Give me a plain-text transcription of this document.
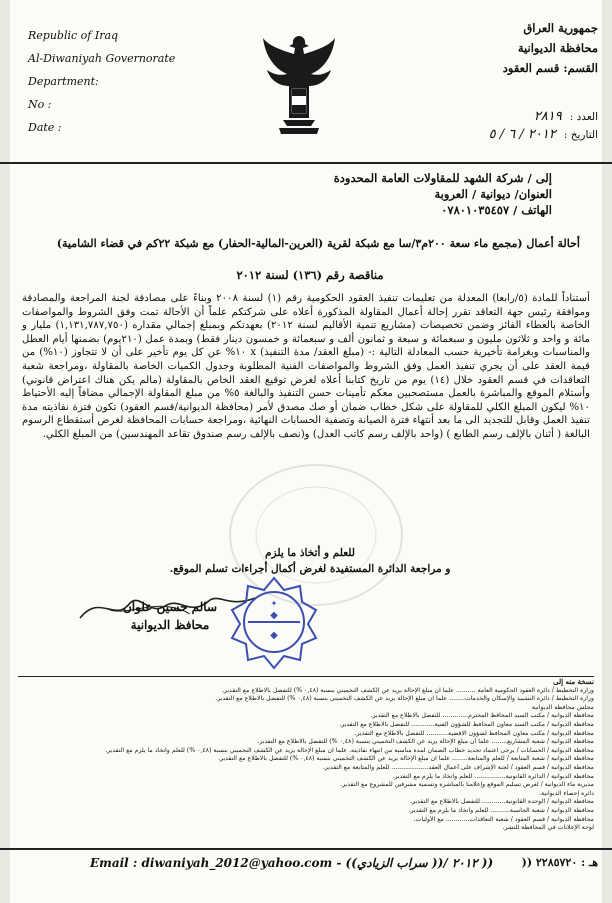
Republic of Iraq
Al-Diwaniyah Governorate
Department:
No :
Date :
جمهورية العراق
محافظة الديوانية
القسم: قسم العقود
العدد :
٢٨١٩
التاريخ :
٢٠١٢ / ٦ / ٥
إلى / شركة الشهد للمقاولات العامة المحدودة
العنوان/ ديوانية / العروبة
الهاتف / ٠٧٨٠١٠٣٥٤٥٧
أحالة أعمال (مجمع ماء سعة ٢٠٠م٣/سا مع شبكة لقرية (العرين-المالية-الحفار) مع شبكة ٢٢كم في قضاء الشامية)
مناقصة رقم (١٣٦) لسنة ٢٠١٢
أستناداً للمادة (٥/رابعا) المعدلة من تعليمات تنفيذ العقود الحكومية رقم (١) لسنة ٢٠٠٨ وبناءً على مصادقة لجنة المراجعة والمصادقة وموافقة رئيس جهة التعاقد تقرر إحالة أعمال المقاولة المذكورة أعلاه على شركتكم علماً أن الأحالة تمت وفق الشروط والمواصفات الخاصة بالعطاء الفائز وضمن تخصيصات (مشاريع تنمية الأقاليم لسنة ٢٠١٢) بعهدتكم وبمبلغ إجمالي مقداره (١,١٣١,٧٨٧,٧٥٠) مليار و مائة و واحد و ثلاثون مليون و سبعمائة و سبعة و ثمانون ألف و سبعمائة و خمسون دينار فقط) وبمدة عمل (٢١٠يوم) بضمنها أيام العطل والمناسبات وبغرامة تأخيرية حسب المعادلة التالية :- (مبلغ العقد/ مدة التنفيذ) x ١٠% عن كل يوم تأخير على أن لا تتجاوز (١٠%) من قيمة العقد على أن يجري تنفيذ العمل وفق الشروط والمواصفات الفنية المطلوبة وجدول الكميات الخاصة بالمقاولة ،ومراجعة شعبة التعاقدات في قسم العقود خلال (١٤) يوم من تاريخ كتابنا أعلاه لغرض توقيع العقد الخاص بالمقاولة (مالم يكن هناك اعتراض قانوني) وأستلام الموقع والمباشرة بالعمل مستصحبين معكم تأمينات حسن التنفيذ والبالغة ٥% من مبلغ المقاولة الإجمالي مضافاً إليه الأحتياط ١٠% ليكون المبلغ الكلي للمقاولة على شكل خطاب ضمان أو صك مصدق لأمر (محافظة الديوانية/قسم العقود) تكون فترة نفاذيته مدة تنفيذ العمل وقابل للتجديد الى ما بعد أنتهاء فترة الصيانة وتصفية الحسابات النهائية ،ومراجعة حسابات المحافظة لغرض أستقطاع الرسوم البالغة ( أثنان بالإلف رسم الطابع ) (واحد بالإلف رسم كاتب العدل) و(نصف بالإلف رسم صندوق تقاعد المهندسين) من المبلغ الكلي.
للعلم و أتخاذ ما يلزم
و مراجعة الدائرة المستفيدة لغرض أكمال أجراءات تسلم الموقع.
سالم حسين علوان
محافظ الديوانية
✦
◆
◆
نسخة منه إلى
وزارة التخطيط / دائرة العقود الحكومية العامة .......... علما ان مبلغ الإحالة يزيد عن الكشف التخميني بنسبة (٠,٤٨ %) للتفضل بالاطلاع مع التقدير.
وزارة التخطيط / دائرة التشييد والإسكان والخدمات........ علما ان مبلغ الإحالة يزيد عن الكشف التخميني بنسبة (٠,٤٨ %) للتفضل بالاطلاع مع التقدير.
مجلس محافظة الديوانية
محافظة الديوانية / مكتب السيد المحافظ المحترم............. للتفضل بالاطلاع مع التقدير.
محافظة الديوانية / مكتب السيد معاون المحافظ للشؤون الفنية............ للتفضل بالاطلاع مع التقدير.
محافظة الديوانية / مكتب معاون المحافظ لشؤون الاقضية........... للتفضل بالاطلاع مع التقدير.
محافظة الديوانية / شعبة المشاريع........ علما ان مبلغ الإحالة يزيد عن الكشف التخميني بنسبة (٠,٤٨ %) للتفضل بالاطلاع مع التقدير.
محافظة الديوانية / الحسابات / يرجى اعتماد تجديد خطاب الضمان لمدة مناسبة من انتهاء نفاذيته. علما ان مبلغ الإحالة يزيد عن الكشف التخميني بنسبة (٠,٤٨ %) للعلم واتخاذ ما يلزم مع التقدير.
محافظة الديوانية / شعبة المتابعة / للعلم والمتابعة........ علما ان مبلغ الإحالة يزيد عن الكشف التخميني بنسبة (٠,٤٨ %) للتفضل بالاطلاع مع التقدير.
محافظة الديوانية / قسم العقود / لجنة الإشراف على أعمال العقد................... للعلم والمتابعة مع التقدير.
محافظة الديوانية / الدائرة القانونية................ للعلم واتخاذ ما يلزم مع التقدير.
مديرية ماء الديوانية / لغرض تسليم الموقع وإعلامنا بالمباشرة وتسمية مشرفين للمشروع مع التقدير.
دائرة إحصاء الديوانية.
محافظة الديوانية / الوحدة القانونية............ للتفضل بالاطلاع مع التقدير.
محافظة الديوانية / شعبة الحاسبة.......... للعلم واتخاذ ما يلزم مع التقدير.
محافظة الديوانية / قسم العقود / شعبة التعاقدات............ مع الأوليات.
لوحة الإعلانات في المحافظة للنشر.
Email : diwaniyah_2012@yahoo.com - ((سراب الزيادي ))/ ٢٠١٢ ))	هـ : ٢٢٨٥٧٢٠ ((
